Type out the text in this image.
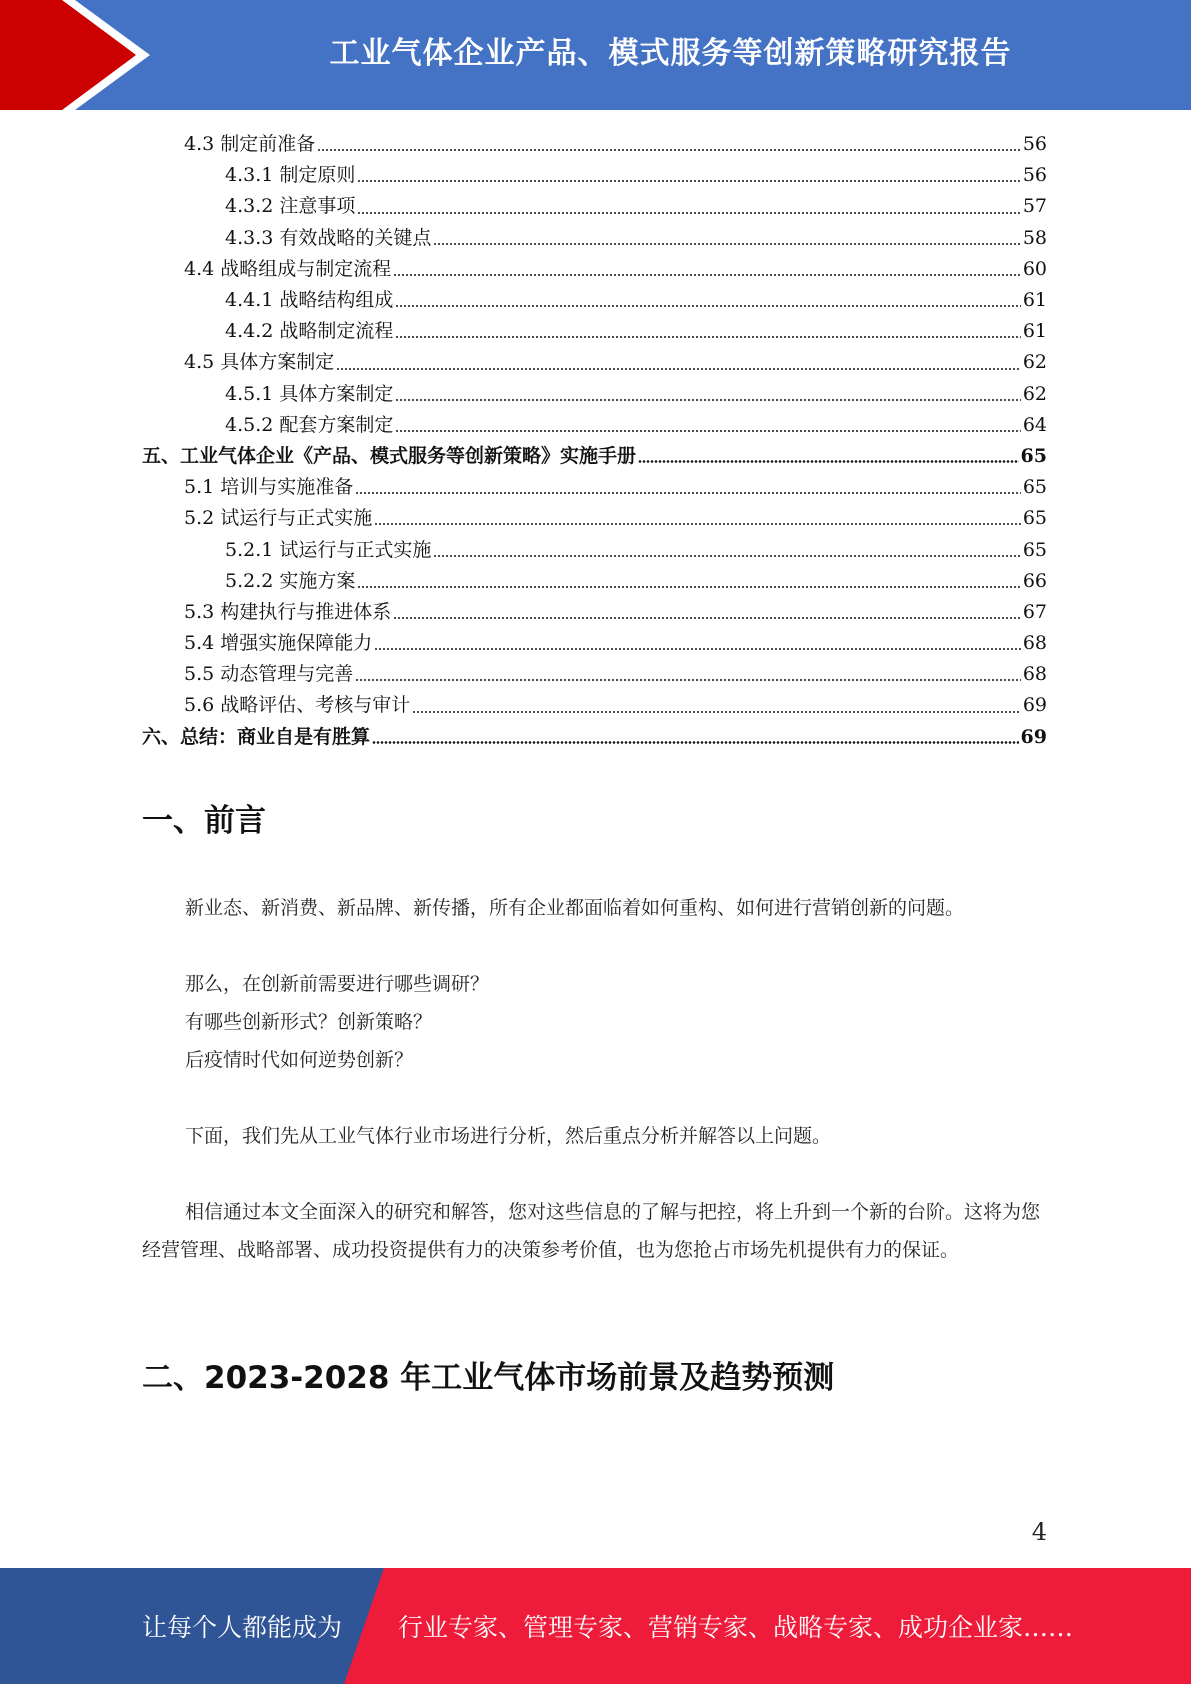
工业气体企业产品、模式服务等创新策略研究报告
4.3 制定前准备	56
4.3.1 制定原则	56
4.3.2 注意事项	57
4.3.3 有效战略的关键点	58
4.4 战略组成与制定流程	60
4.4.1 战略结构组成	61
4.4.2 战略制定流程	61
4.5 具体方案制定	62
4.5.1 具体方案制定	62
4.5.2 配套方案制定	64
五、工业气体企业《产品、模式服务等创新策略》实施手册	65
5.1 培训与实施准备	65
5.2 试运行与正式实施	65
5.2.1 试运行与正式实施	65
5.2.2 实施方案	66
5.3 构建执行与推进体系	67
5.4 增强实施保障能力	68
5.5 动态管理与完善	68
5.6 战略评估、考核与审计	69
六、总结：商业自是有胜算	69
一、前言
新业态、新消费、新品牌、新传播，所有企业都面临着如何重构、如何进行营销创新的问题。
那么，在创新前需要进行哪些调研？
有哪些创新形式？创新策略？
后疫情时代如何逆势创新？
下面，我们先从工业气体行业市场进行分析，然后重点分析并解答以上问题。
相信通过本文全面深入的研究和解答，您对这些信息的了解与把控，将上升到一个新的台阶。这将为您经营管理、战略部署、成功投资提供有力的决策参考价值，也为您抢占市场先机提供有力的保证。
二、2023-2028 年工业气体市场前景及趋势预测
4
让每个人都能成为 行业专家、管理专家、营销专家、战略专家、成功企业家……
